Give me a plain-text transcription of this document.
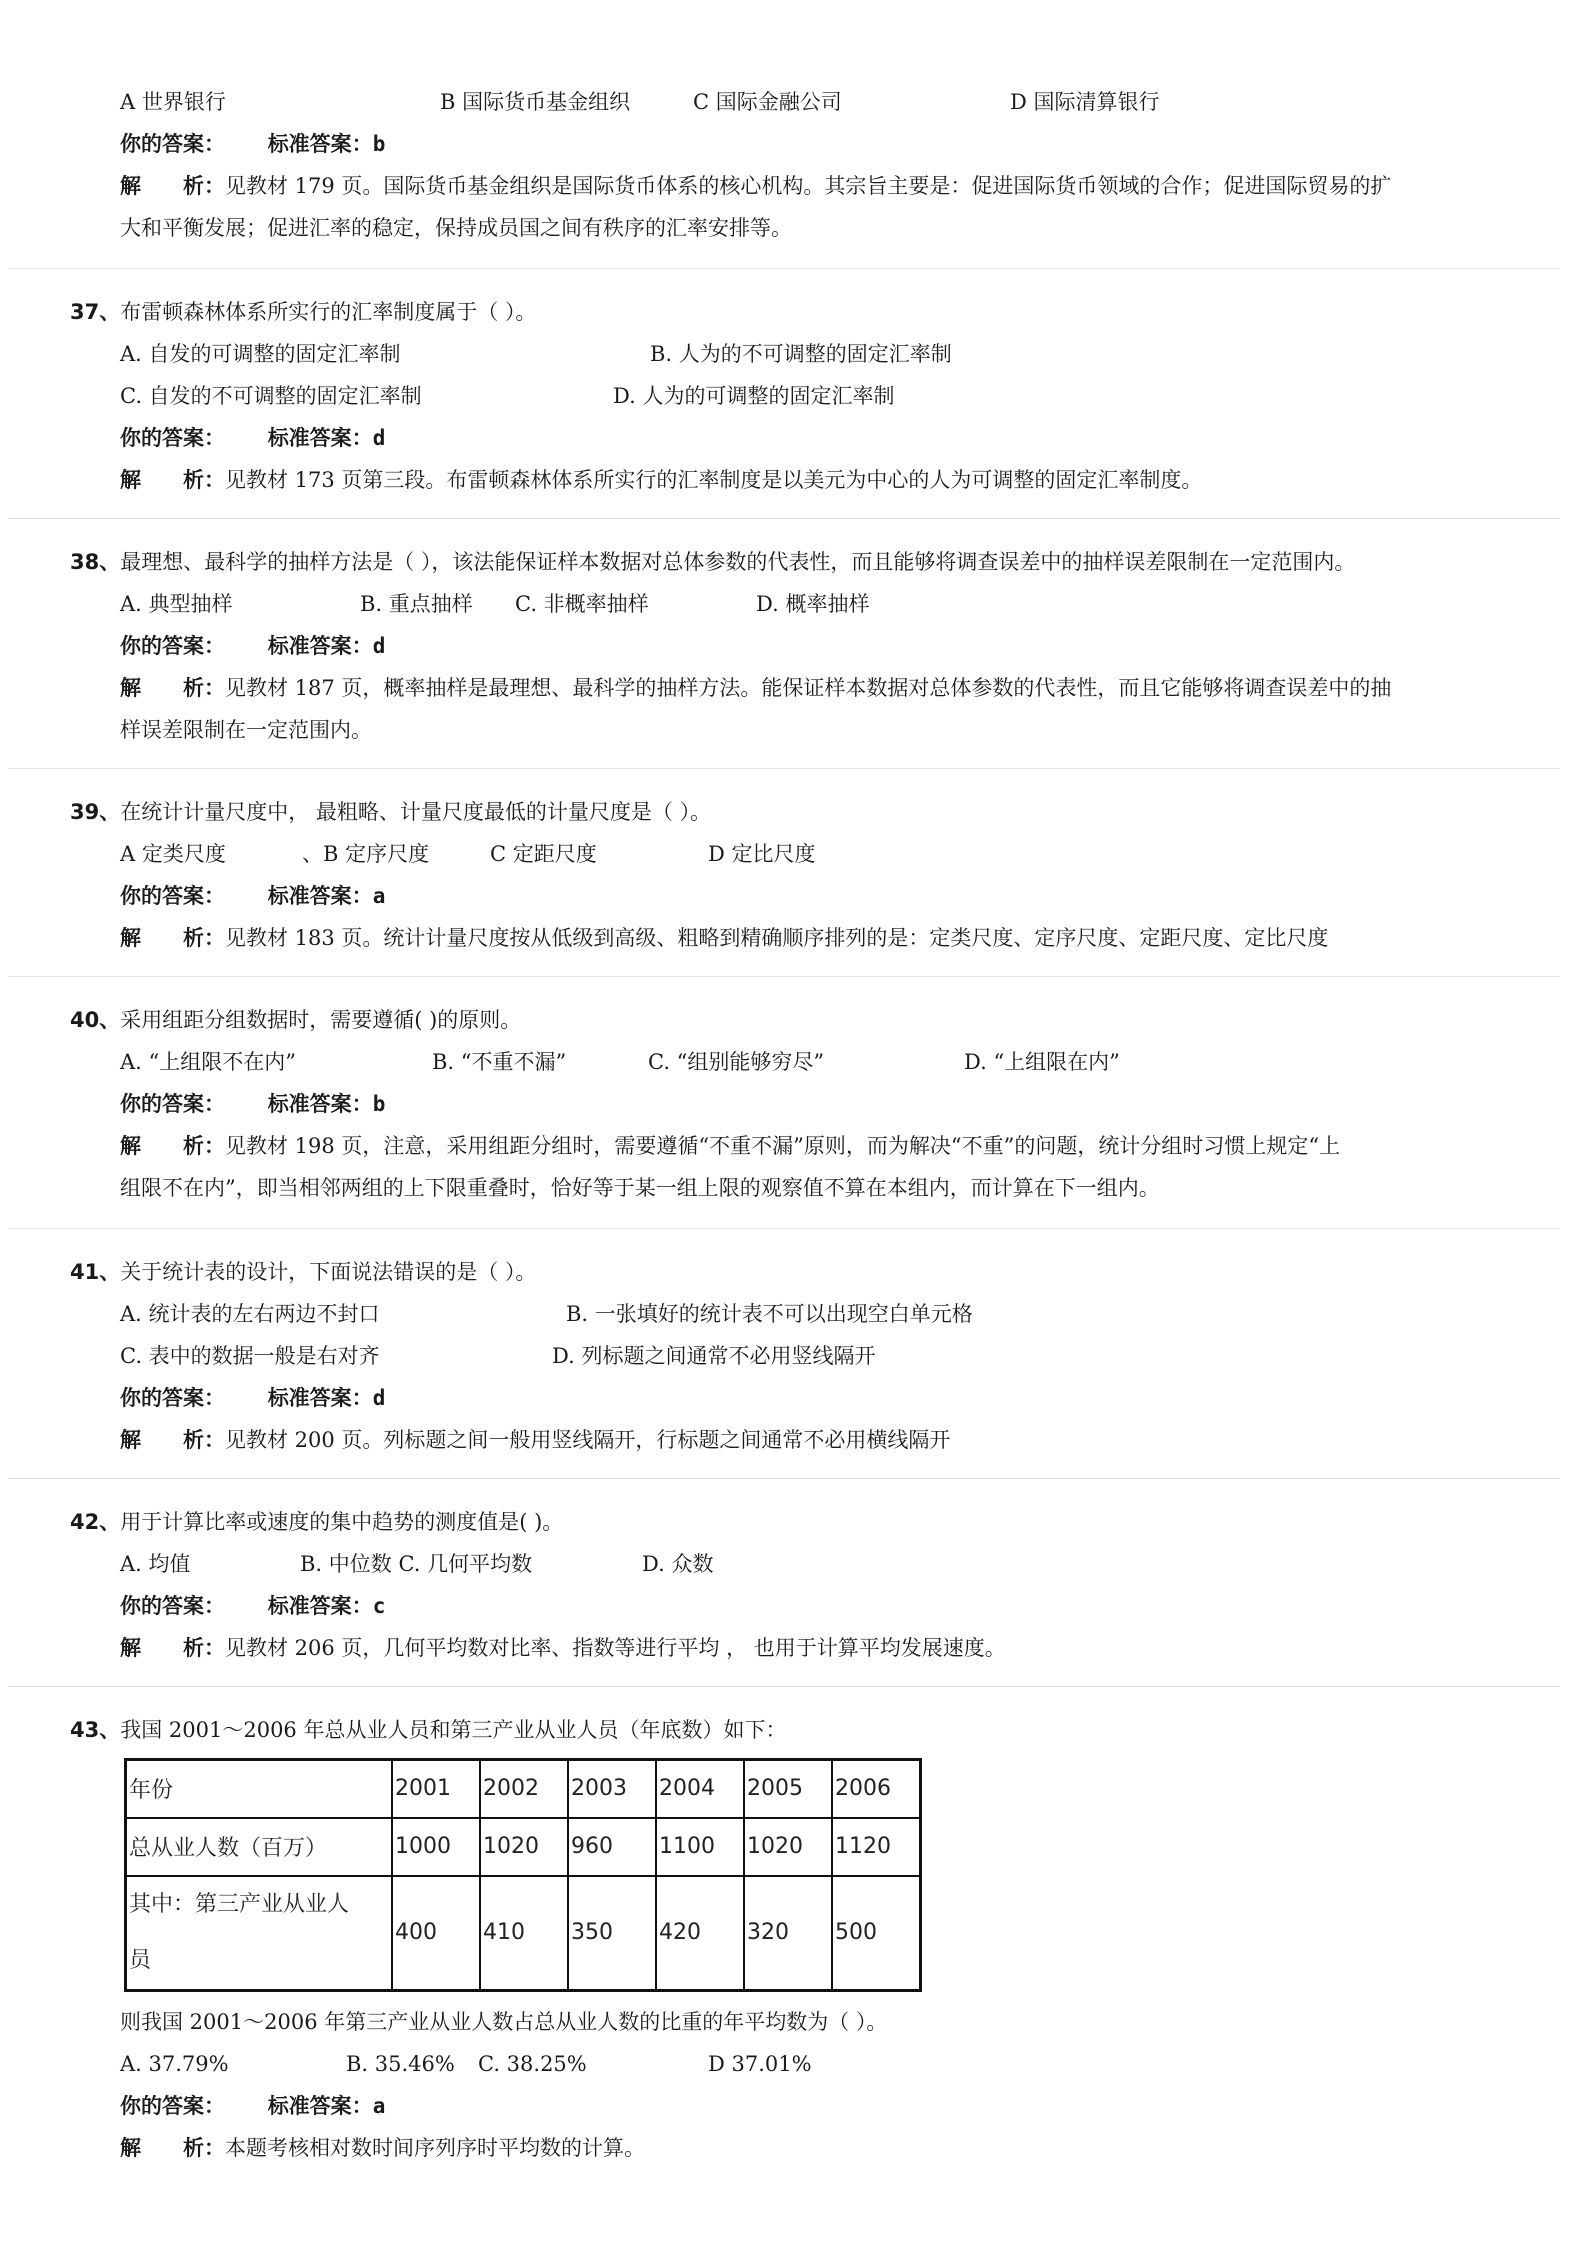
A 世界银行	B 国际货币基金组织	C 国际金融公司	D 国际清算银行
你的答案： 标准答案：b
解 析：见教材 179 页。国际货币基金组织是国际货币体系的核心机构。其宗旨主要是：促进国际货币领域的合作；促进国际贸易的扩
大和平衡发展；促进汇率的稳定，保持成员国之间有秩序的汇率安排等。
37、布雷顿森林体系所实行的汇率制度属于（ ）。
A. 自发的可调整的固定汇率制	B. 人为的不可调整的固定汇率制
C. 自发的不可调整的固定汇率制	D. 人为的可调整的固定汇率制
你的答案： 标准答案：d
解 析：见教材 173 页第三段。布雷顿森林体系所实行的汇率制度是以美元为中心的人为可调整的固定汇率制度。
38、最理想、最科学的抽样方法是（ ），该法能保证样本数据对总体参数的代表性，而且能够将调查误差中的抽样误差限制在一定范围内。
A. 典型抽样	B. 重点抽样 C. 非概率抽样	D. 概率抽样
你的答案： 标准答案：d
解 析：见教材 187 页，概率抽样是最理想、最科学的抽样方法。能保证样本数据对总体参数的代表性，而且它能够将调查误差中的抽
样误差限制在一定范围内。
39、在统计计量尺度中， 最粗略、计量尺度最低的计量尺度是（ ）。
A 定类尺度	、B 定序尺度	C 定距尺度	D 定比尺度
你的答案： 标准答案：a
解 析：见教材 183 页。统计计量尺度按从低级到高级、粗略到精确顺序排列的是：定类尺度、定序尺度、定距尺度、定比尺度
40、采用组距分组数据时，需要遵循( )的原则。
A. “上组限不在内”	B. “不重不漏”	C. “组别能够穷尽”	D. “上组限在内”
你的答案： 标准答案：b
解 析：见教材 198 页，注意，采用组距分组时，需要遵循“不重不漏”原则，而为解决“不重”的问题，统计分组时习惯上规定“上
组限不在内”，即当相邻两组的上下限重叠时，恰好等于某一组上限的观察值不算在本组内，而计算在下一组内。
41、关于统计表的设计，下面说法错误的是（ ）。
A. 统计表的左右两边不封口	B. 一张填好的统计表不可以出现空白单元格
C. 表中的数据一般是右对齐	D. 列标题之间通常不必用竖线隔开
你的答案： 标准答案：d
解 析：见教材 200 页。列标题之间一般用竖线隔开，行标题之间通常不必用横线隔开
42、用于计算比率或速度的集中趋势的测度值是( )。
A. 均值	B. 中位数 C. 几何平均数	D. 众数
你的答案： 标准答案：c
解 析：见教材 206 页，几何平均数对比率、指数等进行平均 ， 也用于计算平均发展速度。
43、我国 2001～2006 年总从业人员和第三产业从业人员（年底数）如下：
年份	2001	2002	2003	2004	2005	2006
总从业人数（百万）	1000	1020	960	1100	1020	1120
其中：第三产业从业人
员	400	410	350	420	320	500
则我国 2001～2006 年第三产业从业人数占总从业人数的比重的年平均数为（ ）。
A. 37.79%	B. 35.46% C. 38.25%	D 37.01%
你的答案： 标准答案：a
解 析：本题考核相对数时间序列序时平均数的计算。
